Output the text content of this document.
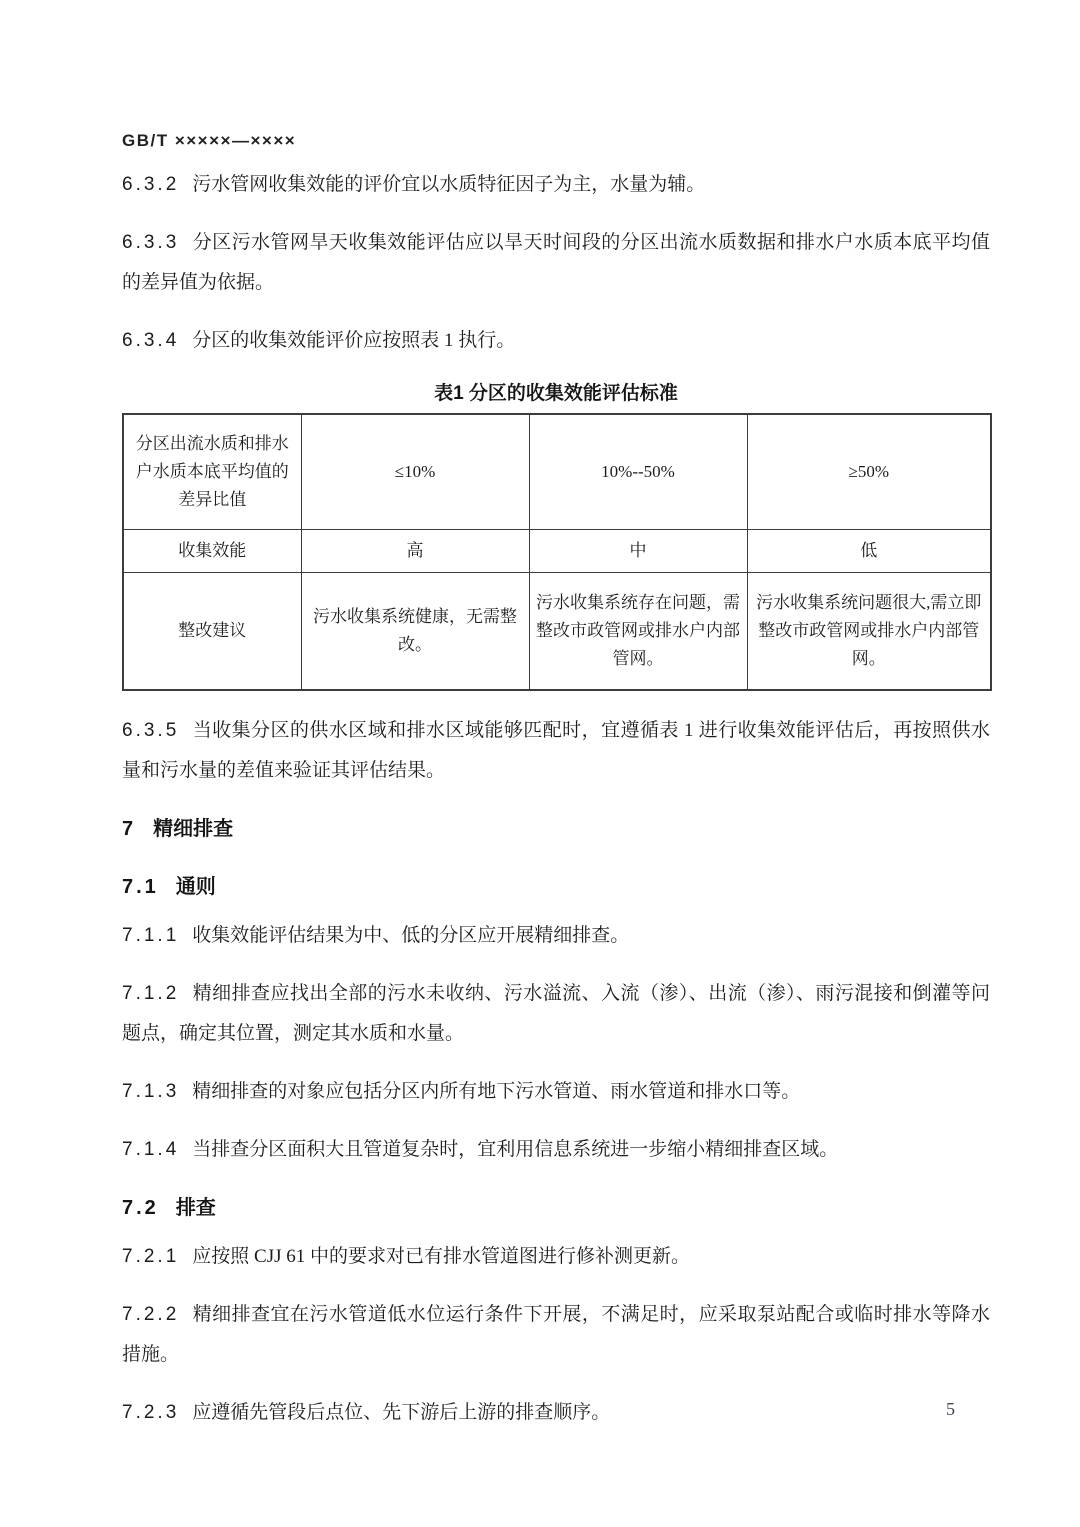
GB/T ×××××—××××

6.3.2 污水管网收集效能的评价宜以水质特征因子为主，水量为辅。

6.3.3 分区污水管网旱天收集效能评估应以旱天时间段的分区出流水质数据和排水户水质本底平均值的差异值为依据。

6.3.4 分区的收集效能评价应按照表 1 执行。

表1 分区的收集效能评估标准
分区出流水质和排水户水质本底平均值的差异比值	≤10%	10%--50%	≥50%
收集效能	高	中	低
整改建议	污水收集系统健康，无需整改。	污水收集系统存在问题，需整改市政管网或排水户内部管网。	污水收集系统问题很大,需立即整改市政管网或排水户内部管网。

6.3.5 当收集分区的供水区域和排水区域能够匹配时，宜遵循表 1 进行收集效能评估后，再按照供水量和污水量的差值来验证其评估结果。

7 精细排查
7.1 通则

7.1.1 收集效能评估结果为中、低的分区应开展精细排查。

7.1.2 精细排查应找出全部的污水未收纳、污水溢流、入流（渗）、出流（渗）、雨污混接和倒灌等问题点，确定其位置，测定其水质和水量。

7.1.3 精细排查的对象应包括分区内所有地下污水管道、雨水管道和排水口等。

7.1.4 当排查分区面积大且管道复杂时，宜利用信息系统进一步缩小精细排查区域。

7.2 排查

7.2.1 应按照 CJJ 61 中的要求对已有排水管道图进行修补测更新。

7.2.2 精细排查宜在污水管道低水位运行条件下开展，不满足时，应采取泵站配合或临时排水等降水措施。

7.2.3 应遵循先管段后点位、先下游后上游的排查顺序。	5
